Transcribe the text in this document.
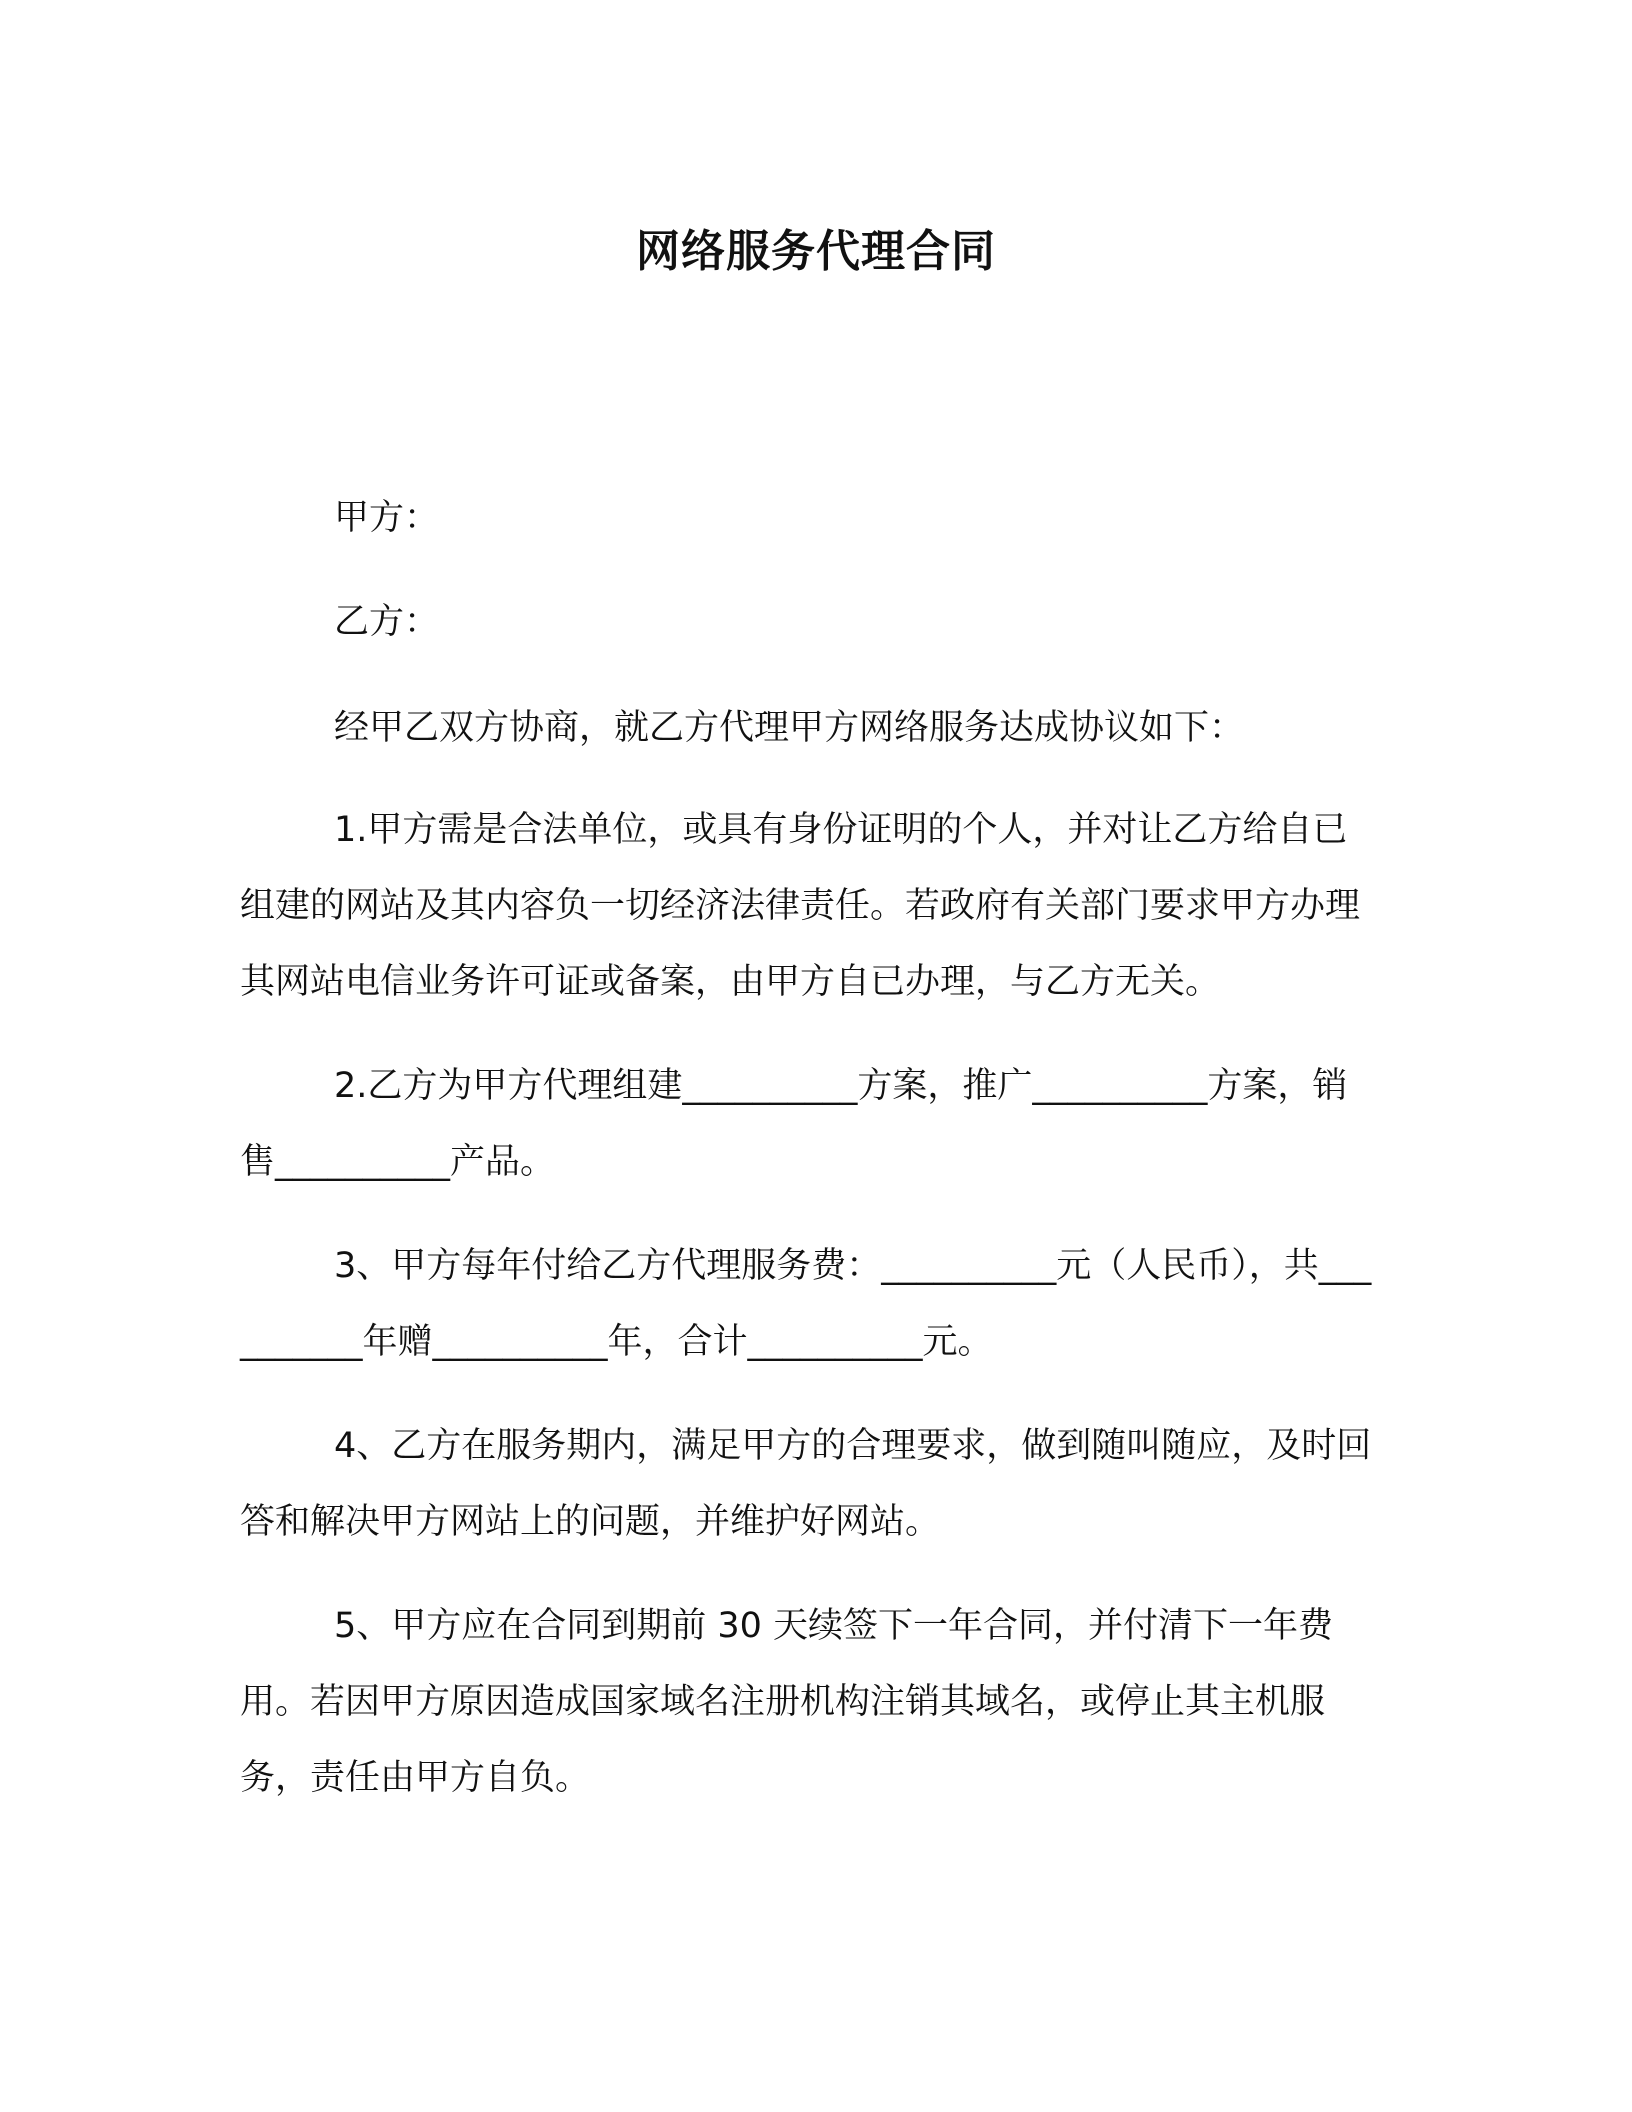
网络服务代理合同

甲方：

乙方：

经甲乙双方协商，就乙方代理甲方网络服务达成协议如下：

1.甲方需是合法单位，或具有身份证明的个人，并对让乙方给自已组建的网站及其内容负一切经济法律责任。若政府有关部门要求甲方办理其网站电信业务许可证或备案，由甲方自已办理，与乙方无关。

2.乙方为甲方代理组建__________方案，推广__________方案，销售__________产品。

3、甲方每年付给乙方代理服务费：__________元（人民币），共__________年赠__________年，合计__________元。

4、乙方在服务期内，满足甲方的合理要求，做到随叫随应，及时回答和解决甲方网站上的问题，并维护好网站。

5、甲方应在合同到期前 30 天续签下一年合同，并付清下一年费用。若因甲方原因造成国家域名注册机构注销其域名，或停止其主机服务，责任由甲方自负。
